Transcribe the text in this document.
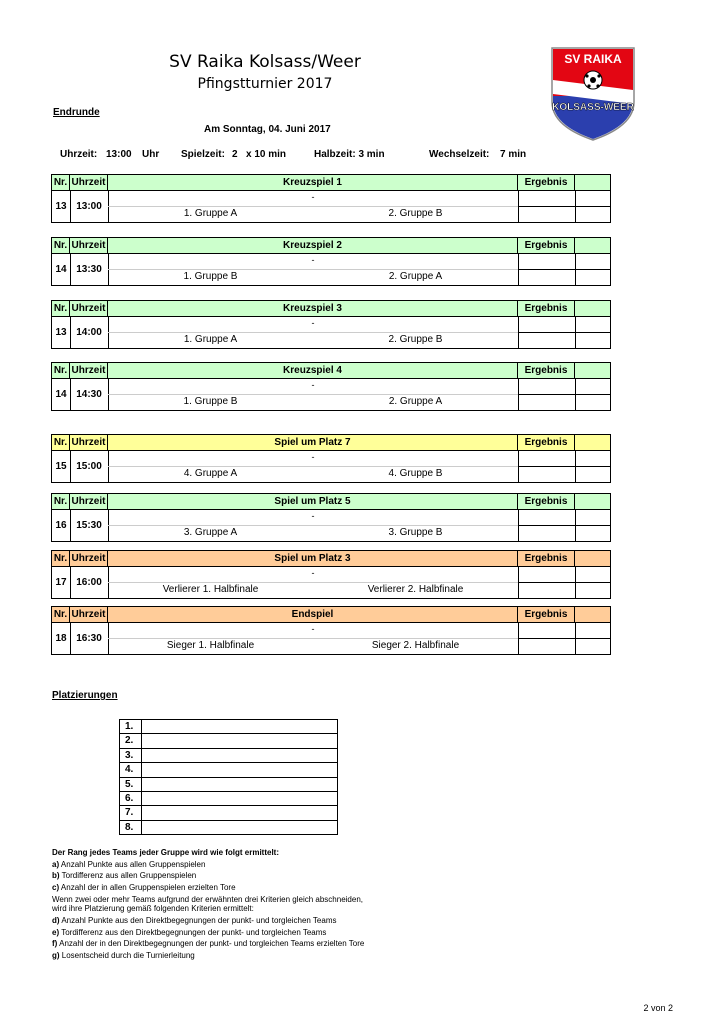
SV Raika Kolsass/Weer
Pfingstturnier 2017
SV RAIKA
KOLSASS-WEER
Endrunde
Am Sonntag, 04. Juni 2017
Uhrzeit: 13:00 Uhr Spielzeit: 2 x 10 min	Halbzeit: 3 min	Wechselzeit: 7 min
Nr. Uhrzeit	Kreuzspiel 1	Ergebnis
13 13:00
-
1. Gruppe A	2. Gruppe B
Nr. Uhrzeit	Kreuzspiel 2	Ergebnis
14 13:30
-
1. Gruppe B	2. Gruppe A
Nr. Uhrzeit	Kreuzspiel 3	Ergebnis
13 14:00
-
1. Gruppe A	2. Gruppe B
Nr. Uhrzeit	Kreuzspiel 4	Ergebnis
14 14:30
-
1. Gruppe B	2. Gruppe A
Nr. Uhrzeit	Spiel um Platz 7	Ergebnis
15 15:00
-
4. Gruppe A	4. Gruppe B
Nr. Uhrzeit	Spiel um Platz 5	Ergebnis
16 15:30
-
3. Gruppe A	3. Gruppe B
Nr. Uhrzeit	Spiel um Platz 3	Ergebnis
17 16:00
-
Verlierer 1. Halbfinale	Verlierer 2. Halbfinale
Nr. Uhrzeit	Endspiel	Ergebnis
18 16:30
-
Sieger 1. Halbfinale	Sieger 2. Halbfinale
Platzierungen
1.
2.
3.
4.
5.
6.
7.
8.
Der Rang jedes Teams jeder Gruppe wird wie folgt ermittelt:
a) Anzahl Punkte aus allen Gruppenspielen
b) Tordifferenz aus allen Gruppenspielen
c) Anzahl der in allen Gruppenspielen erzielten Tore
Wenn zwei oder mehr Teams aufgrund der erwähnten drei Kriterien gleich abschneiden,
wird ihre Platzierung gemäß folgenden Kriterien ermittelt:
d) Anzahl Punkte aus den Direktbegegnungen der punkt- und torgleichen Teams
e) Tordifferenz aus den Direktbegegnungen der punkt- und torgleichen Teams
f) Anzahl der in den Direktbegegnungen der punkt- und torgleichen Teams erzielten Tore
g) Losentscheid durch die Turnierleitung
2 von 2
